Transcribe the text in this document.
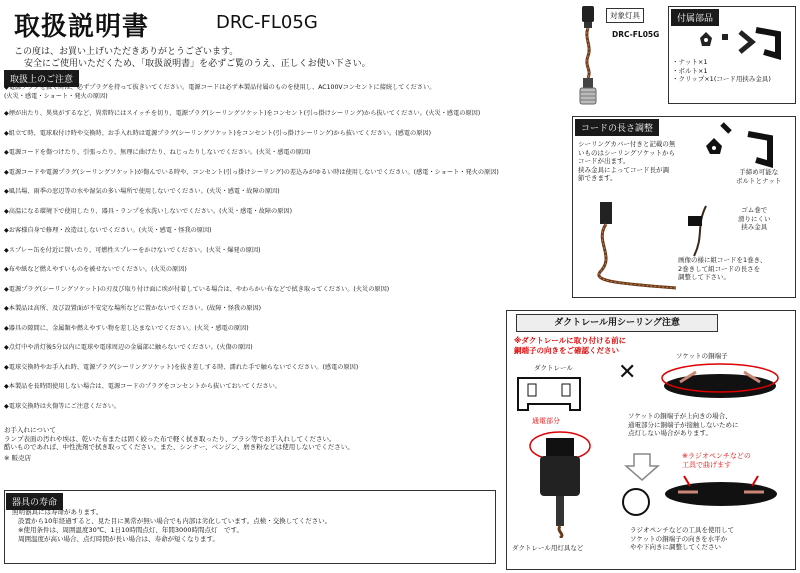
取扱説明書	DRC-FL05G
この度は、お買い上げいただきありがとうございます。
安全にご使用いただくため、「取扱説明書」を必ずご覧のうえ、正しくお使い下さい。
取扱上のご注意

◆電源プラグを抜く時は、必ずプラグを持って抜きいてください。電源コードは必ず本製品付属のものを使用し、AC100Vコンセントに接続してください。
(火災・感電・ショート・発火の原因)

◆煙が出たり、異臭がするなど、異常時にはスイッチを切り、電源プラグ(シーリングソケット)をコンセント(引っ掛けシーリング)から抜いてください。(火災・感電の原因)

◆組立て時、電球取付け時や交換時、お手入れ時は電源プラグ(シーリングソケット)をコンセント(引っ掛けシーリング)から抜いてください。(感電の原因)

◆電源コードを傷つけたり、引張ったり、無理に曲げたり、ねじったりしないでください。(火災・感電の原因)

◆電源コードや電源プラグ(シーリングソケット)が傷んでいる時や、コンセント(引っ掛けシーリング)の差込みがゆるい時は使用しないでください。(感電・ショート・発火の原因)

◆風呂場、雨季の窓辺等の水や湿気の多い場所で使用しないでください。(火災・感電・故障の原因)

◆高温になる環境下で使用したり、器具・ランプを水洗いしないでください。(火災・感電・故障の原因)

◆お客様自身で修理・改造はしないでください。(火災・感電・怪我の原因)

◆スプレー缶を付近に置いたり、可燃性スプレーをかけないでください。(火災・爆発の原因)

◆布や紙など燃えやすいものを被せないでください。(火災の原因)

◆電源プラグ(シーリングソケット)の刃及び取り付け面に埃が付着している場合は、やわらかい布などで拭き取ってください。(火災の原因)

◆本製品は高所、及び設置面が不安定な場所などに置かないでください。(故障・怪我の原因)

◆器具の隙間に、金属類や燃えやすい物を差し込まないでください。(火災・感電の原因)

◆点灯中や消灯後5分以内に電球や電球周辺の金属部に触らないでください。(火傷の原因)

◆電球交換時やお手入れ時、電源プラグ(シーリングソケット)を抜き差しする時、濡れた手で触らないでください。(感電の原因)

◆本製品を長時間使用しない場合は、電源コードのプラグをコンセントから抜いておいてください。

◆電球交換時は火傷等にご注意ください。

お手入れについて

ランプ表面の汚れや埃は、乾いた布または固く絞った布で軽く拭き取ったり、ブラシ等でお手入れしてください。

酷いものであれば、中性洗剤で拭き取ってください。また、シンナー、ベンジン、磨き粉などは使用しないでください。

※ 販売店

器具の寿命

照明器具には寿命があります。

設置から10年経過すると、見た目に異常が無い場合でも内部は劣化しています。点検・交換してください。

※使用条件は、周囲温度30℃、1日10時間点灯、年間3000時間点灯　です。

周囲温度が高い場合、点灯時間が長い場合は、寿命が短くなります。

対象灯具
DRC-FL05G
付属部品
・ナット×1
・ボルト×1
・クリップ×1(コード用挟み金具)
コードの長さ調整
シーリングカバー付きと記載の無
いものはシーリングソケットから
コードが出ます。
挟み金具によってコード長が調
節できます。
手締め可能な
ボルトとナット
ゴム巻で
滑りにくい
挟み金具
画像の様に組コードを1巻き、
2巻きして組コードの長さを
調整して下さい。
ダクトレール用シーリング注意
※ダクトレールに取り付ける前に
銅端子の向きをご確認ください
ダクトレール
通電部分
✕
ソケットの銅端子
ソケットの銅端子が上向きの場合、
通電部分に銅端子が接触しないために
点灯しない場合があります。
ダクトレール用灯具など
※ラジオペンチなどの
工具で曲げます
ラジオペンチなどの工具を使用して
ソケットの銅端子の向きを水平か
やや下向きに調整してください
